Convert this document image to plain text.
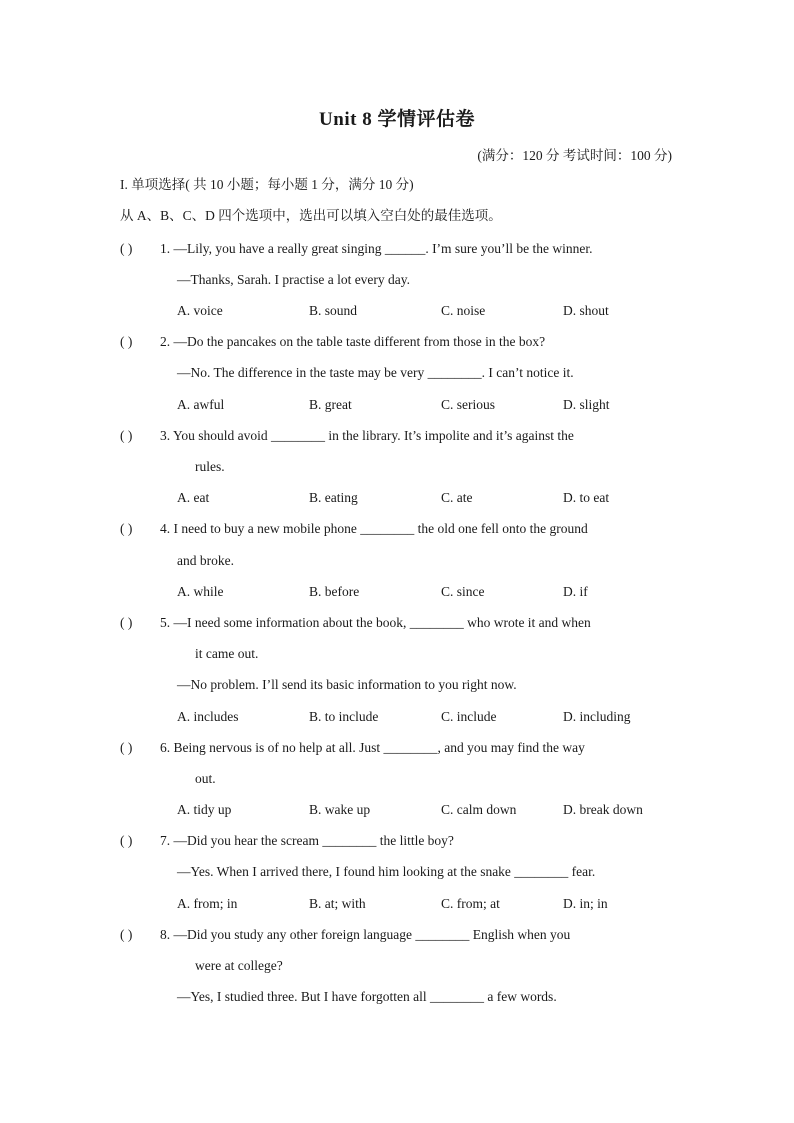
Unit 8 学情评估卷
(满分：120 分 考试时间：100 分)
I. 单项选择( 共 10 小题；每小题 1 分，满分 10 分)
从 A、B、C、D 四个选项中，选出可以填入空白处的最佳选项。
( ) 1. —Lily, you have a really great singing ______. I’m sure you’ll be the winner.
—Thanks, Sarah. I practise a lot every day.
A. voice	B. sound	C. noise	D. shout
( ) 2. —Do the pancakes on the table taste different from those in the box?
—No. The difference in the taste may be very ________. I can’t notice it.
A. awful	B. great	C. serious	D. slight
( ) 3. You should avoid ________ in the library. It’s impolite and it’s against the
rules.
A. eat	B. eating	C. ate	D. to eat
( ) 4. I need to buy a new mobile phone ________ the old one fell onto the ground
and broke.
A. while	B. before	C. since	D. if
( ) 5. —I need some information about the book, ________ who wrote it and when
it came out.
—No problem. I’ll send its basic information to you right now.
A. includes	B. to include	C. include	D. including
( ) 6. Being nervous is of no help at all. Just ________, and you may find the way
out.
A. tidy up	B. wake up	C. calm down	D. break down
( ) 7. —Did you hear the scream ________ the little boy?
—Yes. When I arrived there, I found him looking at the snake ________ fear.
A. from; in	B. at; with	C. from; at	D. in; in
( ) 8. —Did you study any other foreign language ________ English when you
were at college?
—Yes, I studied three. But I have forgotten all ________ a few words.
